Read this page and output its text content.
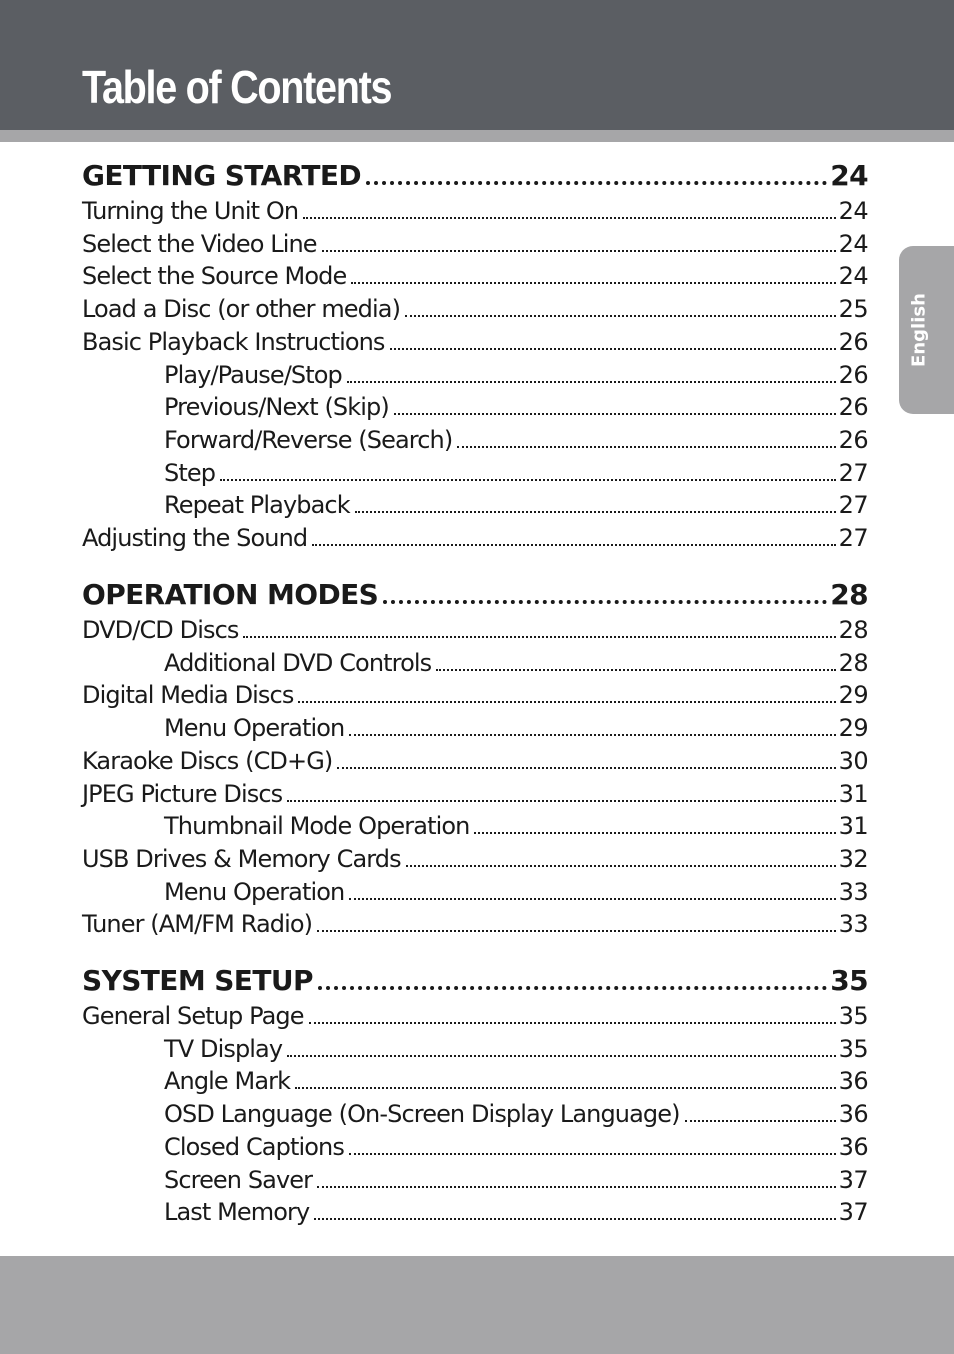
Table of Contents
English
GETTING STARTED	24
Turning the Unit On	24
Select the Video Line	24
Select the Source Mode	24
Load a Disc (or other media)	25
Basic Playback Instructions	26
Play/Pause/Stop	26
Previous/Next (Skip)	26
Forward/Reverse (Search)	26
Step	27
Repeat Playback	27
Adjusting the Sound	27
OPERATION MODES	28
DVD/CD Discs	28
Additional DVD Controls	28
Digital Media Discs	29
Menu Operation	29
Karaoke Discs (CD+G)	30
JPEG Picture Discs	31
Thumbnail Mode Operation	31
USB Drives & Memory Cards	32
Menu Operation	33
Tuner (AM/FM Radio)	33
SYSTEM SETUP	35
General Setup Page	35
TV Display	35
Angle Mark	36
OSD Language (On-Screen Display Language)	36
Closed Captions	36
Screen Saver	37
Last Memory	37
